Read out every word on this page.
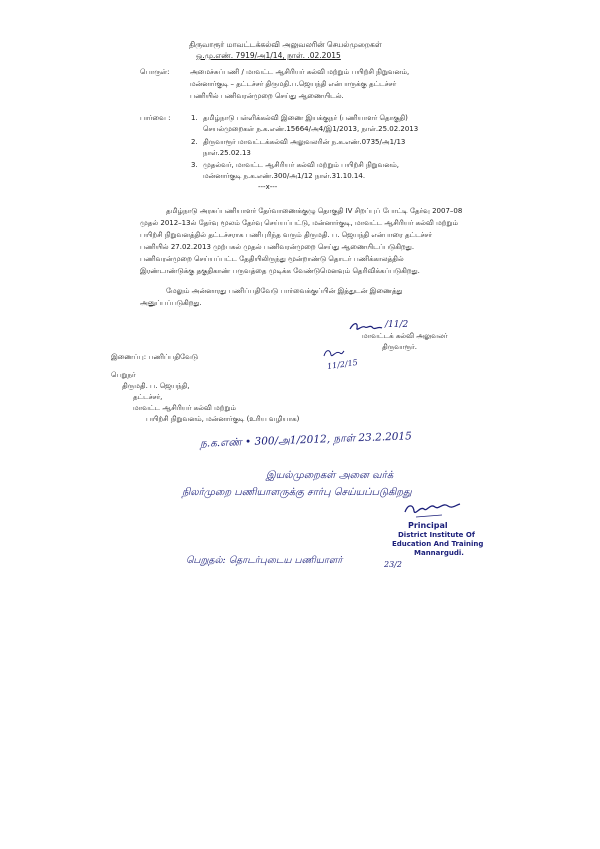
திருவாரூர் மாவட்டக்கல்வி அலுவலரின் செயல்முறைகள்
ஒ.மு.எண். 7919/அ1/14, நாள். .02.2015
பொருள்:	அமைச்சுப்பணி / மாவட்ட ஆசிரியர் கல்வி மற்றும் பயிற்சி நிறுவனம்,
மன்னார்குடி – தட்டச்சர் திருமதி.ப.ஜெயந்தி என்பாருக்கு தட்டச்சர்
பணியில் பணிவரன்முறை செய்து ஆணையிடல்.
பார்வை :	1. தமிழ்நாடு பள்ளிக்கல்வி இணை இயக்குநர் (பணியாளர் தொகுதி)
செயல்முறைகள் ந.க.எண்.15664/அ4/இ1/2013, நாள்.25.02.2013
2. திருவாரூர் மாவட்டக்கல்வி அலுவலரின் ந.க.எண்.0735/அ1/13
நாள்.25.02.13
3. முதல்வர், மாவட்ட ஆசிரியர் கல்வி மற்றும் பயிற்சி நிறுவனம்,
மன்னார்குடி ந.க.எண்.300/அ1/12 நாள்.31.10.14.
---x---
தமிழ்நாடு அரசுப்பணியாளர் தேர்வாணைக்குழு தொகுதி IV சிறப்புப் போட்டி தேர்வு 2007–08
முதல் 2012–13ல் தேர்வு மூலம் தேர்வு செய்யப்பட்டு, மன்னார்குடி, மாவட்ட ஆசிரியர் கல்வி மற்றும்
பயிற்சி நிறுவனத்தில் தட்டச்சராக பணிபுரிந்த வரும் திருமதி. ப. ஜெயந்தி என்பாரை தட்டச்சர்
பணியில் 27.02.2013 முற்பகல் முதல் பணிவரன்முறை செய்து ஆணையிடப்படுகிறது.
பணிவரன்முறை செய்யப்பட்ட தேதியிலிருந்து மூன்றாண்டு தொடர் பணிக்காலத்தில்
இரண்டாண்டுக்கு தகுதிகாண் பருவத்தை முடிக்க வேண்டுமெனவும் தெரிவிக்கப்படுகிறது.
மேலும் அன்னாரது பணிப்பதிவேடு பார்வைக்குப்பின் இத்துடன் இணைத்து
அனுப்பப்படுகிறது.
/11/2
மாவட்டக் கல்வி அலுவலர்
திருவாரூர்.
11/2/15
இணைப்பு: பணிப்பதிவேடு
பெறுநர்
திருமதி. ப. ஜெயந்தி,
தட்டச்சர்,
மாவட்ட ஆசிரியர் கல்வி மற்றும்
பயிற்சி நிறுவனம், மன்னார்குடி (உரிய வழியாக)
ந.க.எண் • 300/அ1/2012, நாள் 23.2.2015
இயல்முறைகள் அனை வர்க்
நிலர்முறை பணியாளருக்கு சார்பு செய்யப்படுகிறது
Principal
District Institute Of
Education And Training
Mannargudi.
பெறுதல்: தொடர்புடைய பணியாளர்	23/2
